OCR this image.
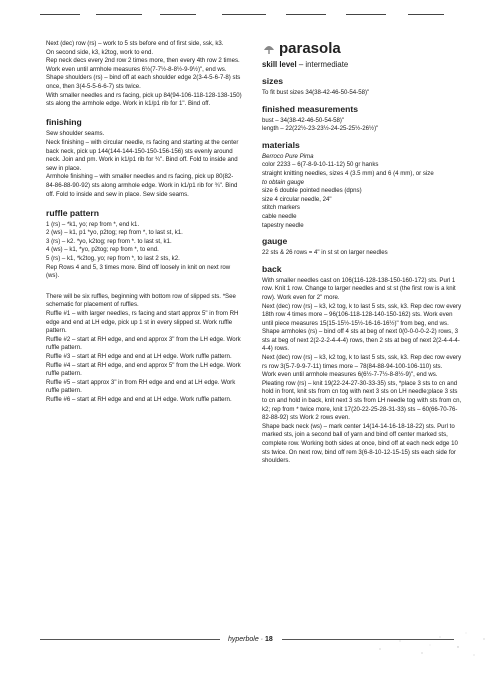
Next (dec) row (rs) – work to 5 sts before end of first side, ssk, k3.
On second side, k3, k2tog, work to end.
Rep neck decs every 2nd row 2 times more, then every 4th row 2 times.
Work even until armhole measures 6½(7-7½-8-8½-9-9½)", end ws.
Shape shoulders (rs) – bind off at each shoulder edge 2(3-4-5-6-7-8) sts once, then 3(4-5-5-6-6-7) sts twice.
With smaller needles and rs facing, pick up 84(94-106-118-128-138-150) sts along the armhole edge. Work in k1/p1 rib for 1". Bind off.
finishing
Sew shoulder seams.
Neck finishing – with circular needle, rs facing and starting at the center back neck, pick up 144(144-144-150-150-156-156) sts evenly around neck. Join and pm. Work in k1/p1 rib for ¾". Bind off. Fold to inside and sew in place.
Armhole finishing – with smaller needles and rs facing, pick up 80(82-84-86-88-90-92) sts along armhole edge. Work in k1/p1 rib for ¾". Bind off. Fold to inside and sew in place. Sew side seams.
ruffle pattern
1 (rs) – *k1, yo; rep from *, end k1.
2 (ws) – k1, p1 *yo, p2tog; rep from *, to last st, k1.
3 (rs) – k2. *yo, k2tog; rep from *. to last st, k1.
4 (ws) – k1, *yo, p2tog; rep from *, to end.
5 (rs) – k1, *k2tog, yo; rep from *, to last 2 sts, k2.
Rep Rows 4 and 5, 3 times more. Bind off loosely in knit on next row (ws).
There will be six ruffles, beginning with bottom row of slipped sts. *See schematic for placement of ruffles.
Ruffle #1 – with larger needles, rs facing and start approx 5" in from RH edge and end at LH edge, pick up 1 st in every slipped st. Work ruffle pattern.
Ruffle #2 – start at RH edge, and end approx 3" from the LH edge. Work ruffle pattern.
Ruffle #3 – start at RH edge and end at LH edge. Work ruffle pattern.
Ruffle #4 – start at RH edge, and end approx 5" from the LH edge. Work ruffle pattern.
Ruffle #5 – start approx 3" in from RH edge and end at LH edge. Work ruffle pattern.
Ruffle #6 – start at RH edge and end at LH edge. Work ruffle pattern.
parasola
skill level – intermediate
sizes
To fit bust sizes 34(38-42-46-50-54-58)"
finished measurements
bust – 34(38-42-46-50-54-58)"
length – 22(22½-23-23½-24-25-25½-26½)"
materials
Berroco Pure Pima
color 2233 – 6(7-8-9-10-11-12) 50 gr hanks
straight knitting needles, sizes 4 (3.5 mm) and 6 (4 mm), or size
to obtain gauge
size 6 double pointed needles (dpns)
size 4 circular needle, 24"
stitch markers
cable needle
tapestry needle
gauge
22 sts & 26 rows = 4" in st st on larger needles
back
With smaller needles cast on 106(116-128-138-150-160-172) sts. Purl 1 row. Knit 1 row. Change to larger needles and st st (the first row is a knit row). Work even for 2" more.
Next (dec) row (rs) – k3, k2 tog, k to last 5 sts, ssk, k3. Rep dec row every 18th row 4 times more – 96(106-118-128-140-150-162) sts. Work even until piece measures 15(15-15½-15½-16-16-16½)" from beg, end ws.
Shape armholes (rs) – bind off 4 sts at beg of next 0(0-0-0-0-2-2) rows, 3 sts at beg of next 2(2-2-2-4-4-4) rows, then 2 sts at beg of next 2(2-4-4-4-4-4) rows.
Next (dec) row (rs) – k3, k2 tog, k to last 5 sts, ssk, k3. Rep dec row every rs row 3(5-7-9-9-7-11) times more – 78(84-88-94-100-106-110) sts.
Work even until armhole measures 6(6½-7-7½-8-8½-9)", end ws.
Pleating row (rs) – knit 19(22-24-27-30-33-35) sts, *place 3 sts to cn and hold in front, knit sts from cn tog with next 3 sts on LH needle;place 3 sts to cn and hold in back, knit next 3 sts from LH needle tog with sts from cn, k2; rep from * twice more, knit 17(20-22-25-28-31-33) sts – 60(66-70-76-82-88-92) sts Work 2 rows even.
Shape back neck (ws) – mark center 14(14-14-16-18-18-22) sts. Purl to marked sts, join a second ball of yarn and bind off center marked sts, complete row. Working both sides at once, bind off at each neck edge 10 sts twice. On next row, bind off rem 3(6-8-10-12-15-15) sts each side for shoulders.
hyperbole · 18
